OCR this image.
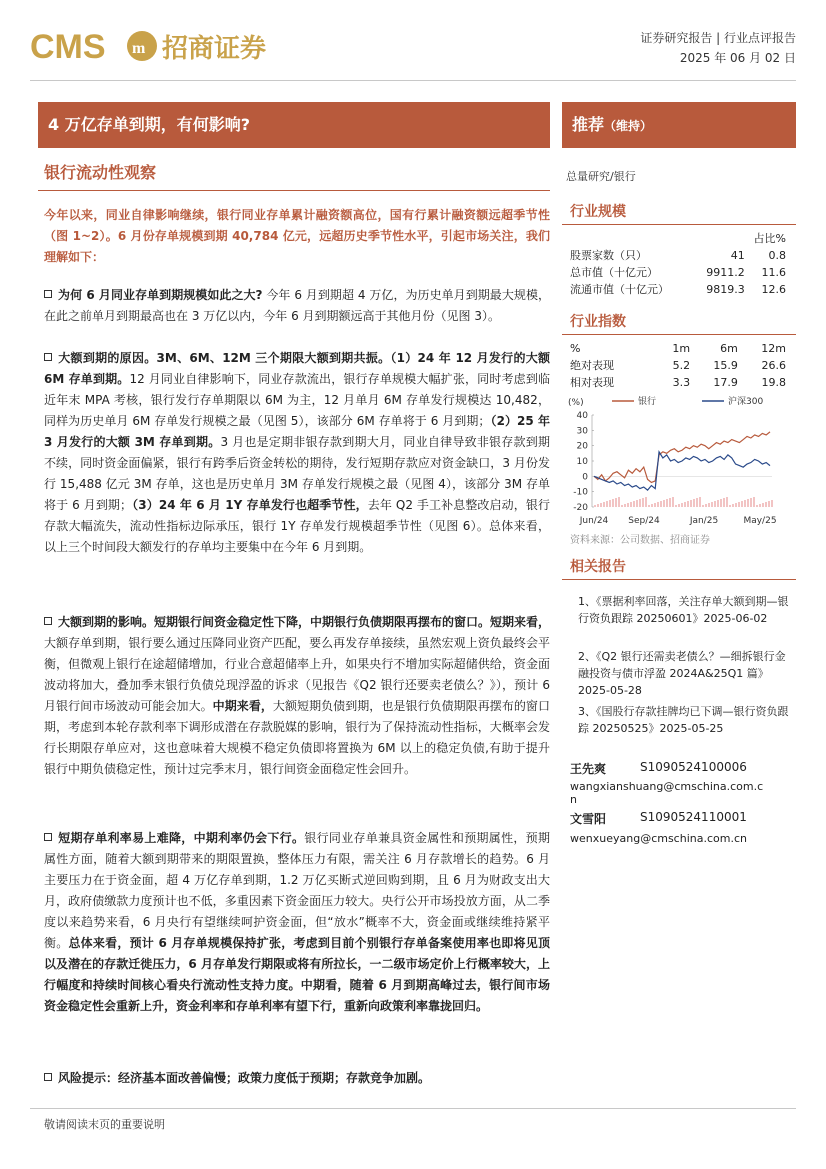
CMS m 招商证券	证券研究报告 | 行业点评报告
2025 年 06 月 02 日
4 万亿存单到期，有何影响?	推荐（维持）
银行流动性观察
今年以来，同业自律影响继续，银行同业存单累计融资额高位，国有行累计融资额远超季节性（图 1~2）。6 月份存单规模到期 40,784 亿元，远超历史季节性水平，引起市场关注，我们理解如下：
为何 6 月同业存单到期规模如此之大? 今年 6 月到期超 4 万亿，为历史单月到期最大规模，在此之前单月到期最高也在 3 万亿以内，今年 6 月到期额远高于其他月份（见图 3）。
大额到期的原因。3M、6M、12M 三个期限大额到期共振。（1）24 年 12 月发行的大额 6M 存单到期。12 月同业自律影响下，同业存款流出，银行存单规模大幅扩张，同时考虑到临近年末 MPA 考核，银行发行存单期限以 6M 为主，12 月单月 6M 存单发行规模达 10,482，同样为历史单月 6M 存单发行规模之最（见图 5），该部分 6M 存单将于 6 月到期；（2）25 年 3 月发行的大额 3M 存单到期。3 月也是定期非银存款到期大月，同业自律导致非银存款到期不续，同时资金面偏紧，银行有跨季后资金转松的期待，发行短期存款应对资金缺口，3 月份发行 15,488 亿元 3M 存单，这也是历史单月 3M 存单发行规模之最（见图 4），该部分 3M 存单将于 6 月到期；（3）24 年 6 月 1Y 存单发行也超季节性，去年 Q2 手工补息整改启动，银行存款大幅流失，流动性指标边际承压，银行 1Y 存单发行规模超季节性（见图 6）。总体来看，以上三个时间段大额发行的存单均主要集中在今年 6 月到期。
大额到期的影响。短期银行间资金稳定性下降，中期银行负债期限再摆布的窗口。短期来看，大额存单到期，银行要么通过压降同业资产匹配，要么再发存单接续，虽然宏观上资负最终会平衡，但微观上银行在途超储增加，行业合意超储率上升，如果央行不增加实际超储供给，资金面波动将加大，叠加季末银行负债兑现浮盈的诉求（见报告《Q2 银行还要卖老债么？》），预计 6 月银行间市场波动可能会加大。中期来看，大额短期负债到期，也是银行负债期限再摆布的窗口期，考虑到本轮存款利率下调形成潜在存款脱媒的影响，银行为了保持流动性指标，大概率会发行长期限存单应对，这也意味着大规模不稳定负债即将置换为 6M 以上的稳定负债,有助于提升银行中期负债稳定性，预计过完季末月，银行间资金面稳定性会回升。
短期存单利率易上难降，中期利率仍会下行。银行同业存单兼具资金属性和预期属性，预期属性方面，随着大额到期带来的期限置换，整体压力有限，需关注 6 月存款增长的趋势。6 月主要压力在于资金面，超 4 万亿存单到期，1.2 万亿买断式逆回购到期，且 6 月为财政支出大月，政府债缴款力度预计也不低，多重因素下资金面压力较大。央行公开市场投放方面，从二季度以来趋势来看，6 月央行有望继续呵护资金面，但“放水”概率不大，资金面或继续维持紧平衡。总体来看，预计 6 月存单规模保持扩张，考虑到目前个别银行存单备案使用率也即将见顶以及潜在的存款迁徙压力，6 月存单发行期限或将有所拉长，一二级市场定价上行概率较大，上行幅度和持续时间核心看央行流动性支持力度。中期看，随着 6 月到期高峰过去，银行间市场资金稳定性会重新上升，资金利率和存单利率有望下行，重新向政策利率靠拢回归。
风险提示：经济基本面改善偏慢；政策力度低于预期；存款竞争加剧。
总量研究/银行
行业规模
		占比%
股票家数（只）	41	0.8
总市值（十亿元）	9911.2	11.6
流通市值（十亿元）	9819.3	12.6
行业指数
%	1m	6m	12m
绝对表现	5.2	15.9	26.6
相对表现	3.3	17.9	19.8
(%)
40
30
20
10
0
-10
-20
银行	沪深300
Jun/24 Sep/24	Jan/25	May/25
资料来源：公司数据、招商证券
相关报告
1、《票据利率回落，关注存单大额到期—银行资负跟踪 20250601》2025-06-02
2、《Q2 银行还需卖老债么？—细拆银行金融投资与债市浮盈 2024A&25Q1 篇》2025-05-28
3、《国股行存款挂牌均已下调—银行资负跟踪 20250525》2025-05-25
王先爽	S1090524100006
wangxianshuang@cmschina.com.cn
文雪阳	S1090524110001
wenxueyang@cmschina.com.cn
敬请阅读末页的重要说明
